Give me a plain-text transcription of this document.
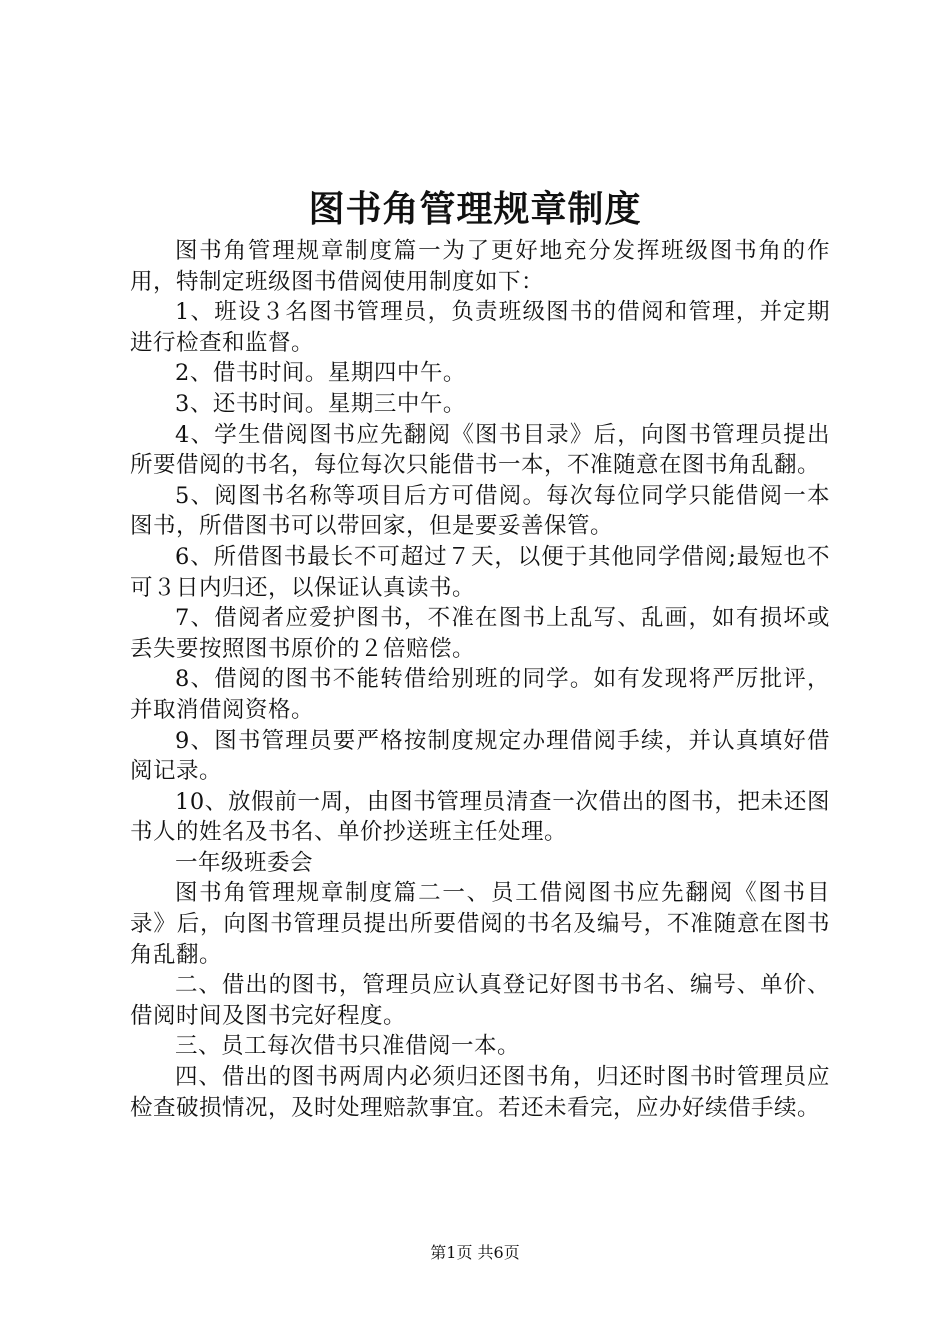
图书角管理规章制度

图书角管理规章制度篇一为了更好地充分发挥班级图书角的作用，特制定班级图书借阅使用制度如下：

1、班设３名图书管理员，负责班级图书的借阅和管理，并定期进行检查和监督。

2、借书时间。星期四中午。

3、还书时间。星期三中午。

4、学生借阅图书应先翻阅《图书目录》后，向图书管理员提出所要借阅的书名，每位每次只能借书一本，不准随意在图书角乱翻。

5、阅图书名称等项目后方可借阅。每次每位同学只能借阅一本图书，所借图书可以带回家，但是要妥善保管。

6、所借图书最长不可超过７天，以便于其他同学借阅;最短也不可３日内归还，以保证认真读书。

7、借阅者应爱护图书，不准在图书上乱写、乱画，如有损坏或丢失要按照图书原价的２倍赔偿。

8、借阅的图书不能转借给别班的同学。如有发现将严厉批评，并取消借阅资格。

9、图书管理员要严格按制度规定办理借阅手续，并认真填好借阅记录。

10、放假前一周，由图书管理员清查一次借出的图书，把未还图书人的姓名及书名、单价抄送班主任处理。

一年级班委会

图书角管理规章制度篇二一、员工借阅图书应先翻阅《图书目录》后，向图书管理员提出所要借阅的书名及编号，不准随意在图书角乱翻。

二、借出的图书，管理员应认真登记好图书书名、编号、单价、借阅时间及图书完好程度。

三、员工每次借书只准借阅一本。

四、借出的图书两周内必须归还图书角，归还时图书时管理员应检查破损情况，及时处理赔款事宜。若还未看完，应办好续借手续。

第1页 共6页
